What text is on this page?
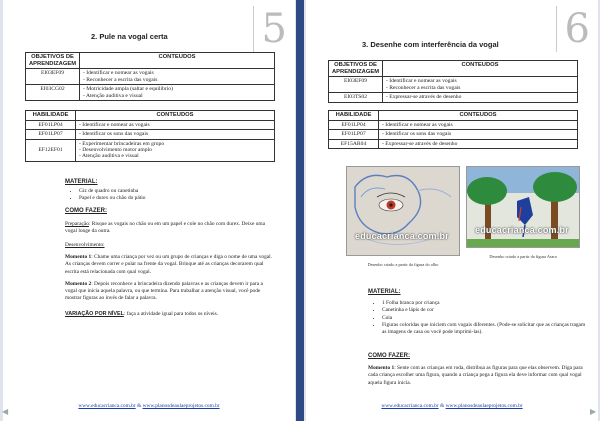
5
2. Pule na vogal certa
OBJETIVOS DE APRENDIZAGEM	CONTEUDOS
EI03EF09	- Identificar e nomear as vogais
- Reconhecer a escrita das vogais

EI03CG02	- Motricidade ampla (saltar e equilíbrio)
- Atenção auditiva e visual
HABILIDADE	CONTEUDOS
EF01LP04	- Identificar e nomear as vogais

EF01LP07	- Identificar os sons das vogais

EF12EF01	- Experimentar brincadeiras em grupo
- Desenvolvimento motor amplo
- Atenção auditiva e visual
MATERIAL:
• Giz de quadro ou canetinha
• Papel e durex ou chão do pátio
COMO FAZER:

Preparação: Risque as vogais no chão ou em um papel e cole no chão com durex. Deixe uma vogal longe da outra.

Desenvolvimento:

Momento 1: Chame uma criança por vez ou um grupo de crianças e diga o nome de uma vogal. As crianças devem correr e pular na frente da vogal. Brinque até as crianças decorarem qual escrita está relacionada com qual vogal.

Momento 2: Depois reconhece a brincadeira dizendo palavras e as crianças devem ir para a vogal que inicia aquela palavra, ou que termina. Para trabalhar a atenção visual, você pode mostrar figuras ao invés de falar a palavra.

VARIAÇÃO POR NÍVEL: faça a atividade igual para todos os níveis.

www.educacrianca.com.br & www.planosdeaulaeprojetos.com.br
6
3. Desenhe com interferência da vogal
OBJETIVOS DE APRENDIZAGEM	CONTEUDOS
EI03EF09	- Identificar e nomear as vogais
- Reconhecer a escrita das vogais

EI03TS02	- Expressar-se através de desenho
HABILIDADE	CONTEUDOS
EF01LP04	- Identificar e nomear as vogais

EF01LP07	- Identificar os sons das vogais

EF15AR04	- Expressar-se através de desenho
educacrianca.com.br
Desenho criado a partir da figura do olho
educacrianca.com.br
Desenho criado a partir da figura Arara
MATERIAL:
• 1 Folha branca por criança
• Canetinha e lápis de cor
• Cola
• Figuras coloridas que iniciem com vogais diferentes. (Pode-se solicitar que as crianças tragam as imagens de casa ou você pode imprimi-las).
COMO FAZER:

Momento 1: Sente com as crianças em roda, distribua as figuras para que elas observem. Diga para cada criança escolher uma figura, quando a criança pega a figura ela deve informar com qual vogal aquela figura inicia.

www.educacrianca.com.br & www.planosdeaulaeprojetos.com.br
◀	▶
